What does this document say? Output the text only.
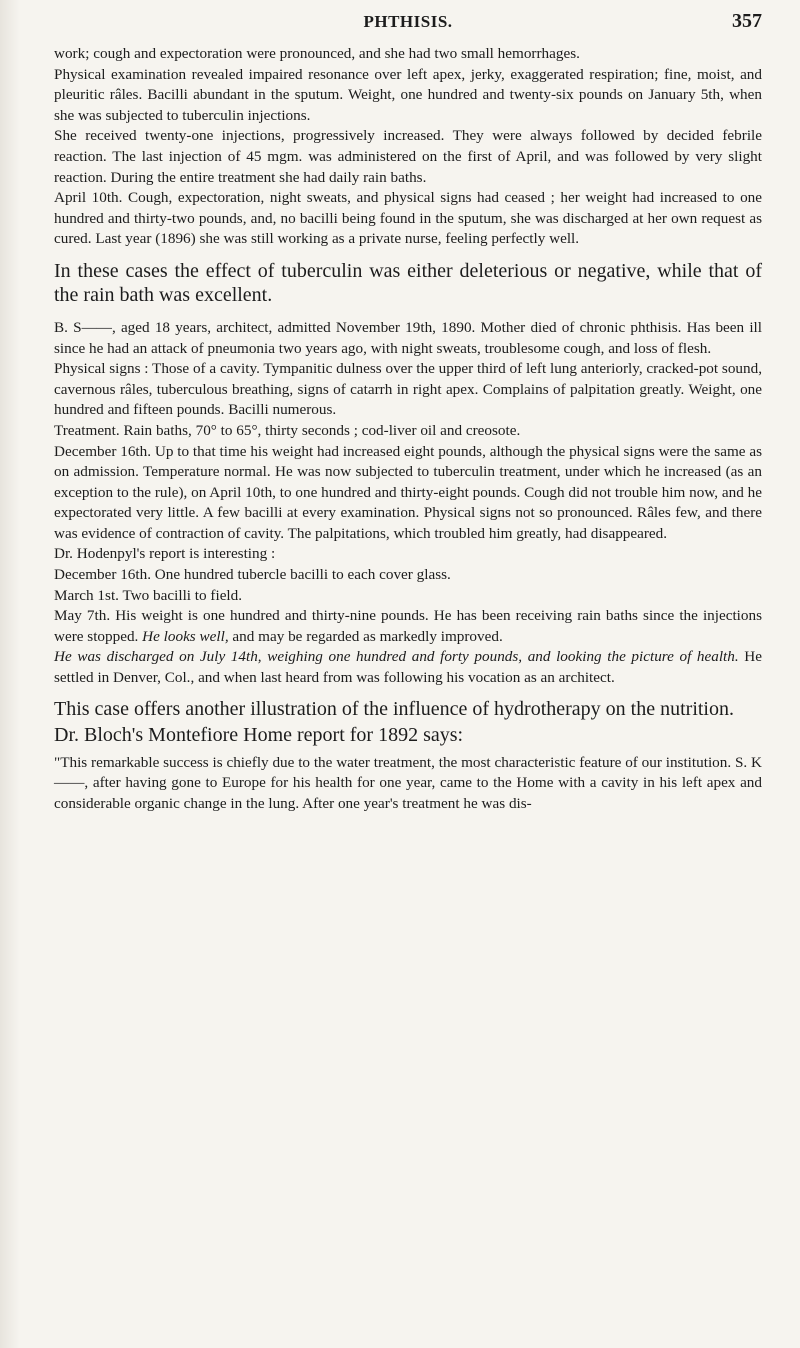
PHTHISIS.	357

work; cough and expectoration were pronounced, and she had two small hemorrhages.

Physical examination revealed impaired resonance over left apex, jerky, exaggerated respiration; fine, moist, and pleuritic râles. Bacilli abundant in the sputum. Weight, one hundred and twenty-six pounds on January 5th, when she was subjected to tuberculin injections.

She received twenty-one injections, progressively increased. They were always followed by decided febrile reaction. The last injection of 45 mgm. was administered on the first of April, and was followed by very slight reaction. During the entire treatment she had daily rain baths.

April 10th. Cough, expectoration, night sweats, and physical signs had ceased ; her weight had increased to one hundred and thirty-two pounds, and, no bacilli being found in the sputum, she was discharged at her own request as cured. Last year (1896) she was still working as a private nurse, feeling perfectly well.

In these cases the effect of tuberculin was either deleterious or negative, while that of the rain bath was excellent.

B. S——, aged 18 years, architect, admitted November 19th, 1890. Mother died of chronic phthisis. Has been ill since he had an attack of pneumonia two years ago, with night sweats, troublesome cough, and loss of flesh.

Physical signs : Those of a cavity. Tympanitic dulness over the upper third of left lung anteriorly, cracked-pot sound, cavernous râles, tuberculous breathing, signs of catarrh in right apex. Complains of palpitation greatly. Weight, one hundred and fifteen pounds. Bacilli numerous.

Treatment. Rain baths, 70° to 65°, thirty seconds ; cod-liver oil and creosote.

December 16th. Up to that time his weight had increased eight pounds, although the physical signs were the same as on admission. Temperature normal. He was now subjected to tuberculin treatment, under which he increased (as an exception to the rule), on April 10th, to one hundred and thirty-eight pounds. Cough did not trouble him now, and he expectorated very little. A few bacilli at every examination. Physical signs not so pronounced. Râles few, and there was evidence of contraction of cavity. The palpitations, which troubled him greatly, had disappeared.

Dr. Hodenpyl's report is interesting :

December 16th. One hundred tubercle bacilli to each cover glass.

March 1st. Two bacilli to field.

May 7th. His weight is one hundred and thirty-nine pounds. He has been receiving rain baths since the injections were stopped. He looks well, and may be regarded as markedly improved.

He was discharged on July 14th, weighing one hundred and forty pounds, and looking the picture of health. He settled in Denver, Col., and when last heard from was following his vocation as an architect.

This case offers another illustration of the influence of hydrotherapy on the nutrition.

Dr. Bloch's Montefiore Home report for 1892 says:

"This remarkable success is chiefly due to the water treatment, the most characteristic feature of our institution. S. K——, after having gone to Europe for his health for one year, came to the Home with a cavity in his left apex and considerable organic change in the lung. After one year's treatment he was dis-
